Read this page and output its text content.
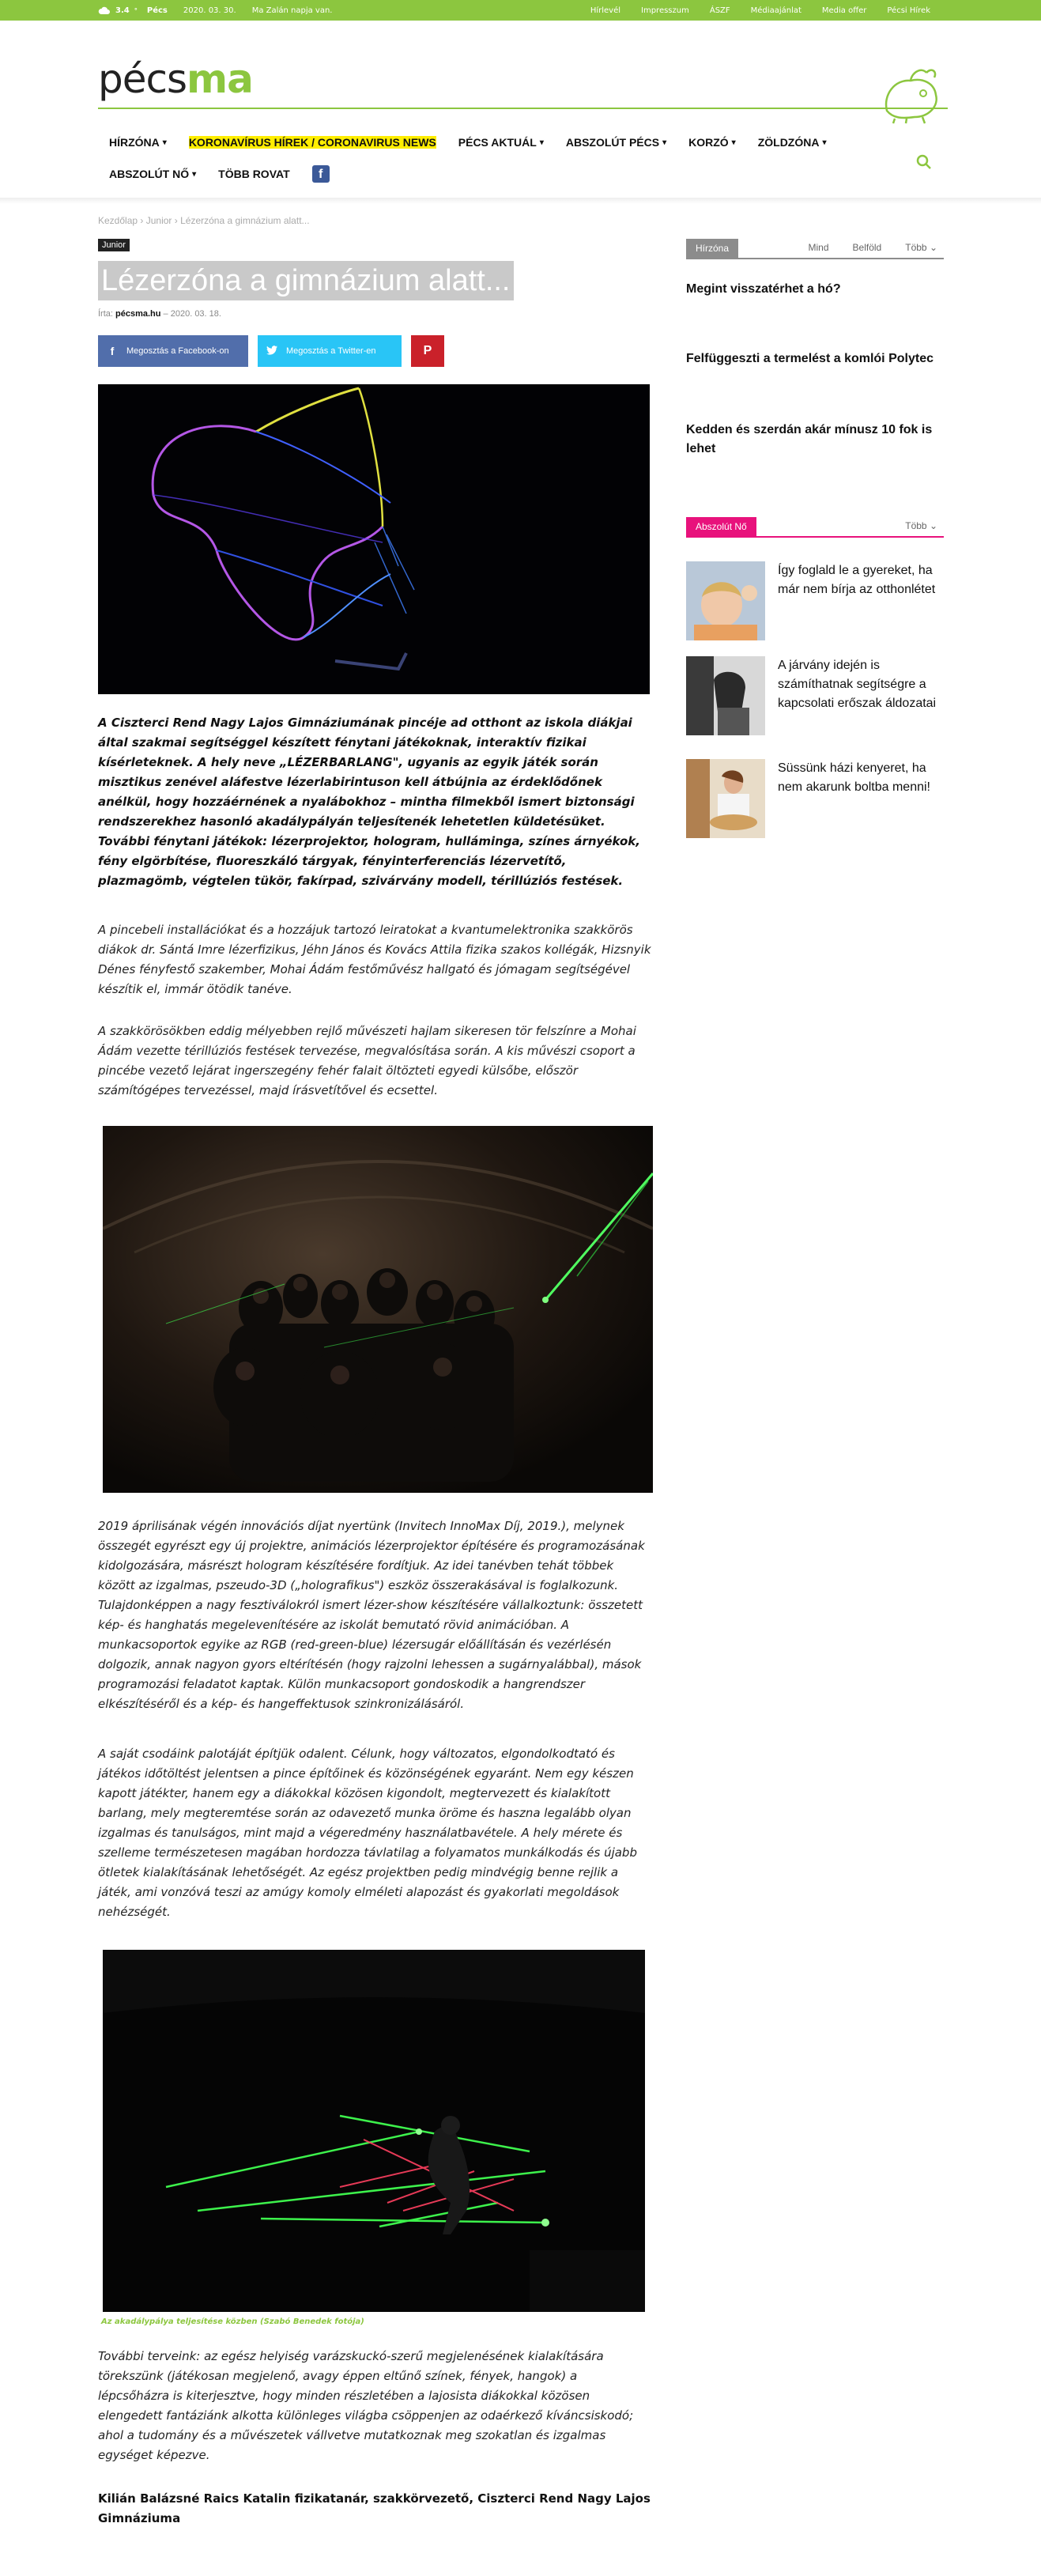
3.4 ° Pécs 2020. 03. 30. Ma Zalán napja van.	Hírlevél	Impresszum	ÁSZF	Médiaajánlat	Media offer	Pécsi Hírek
pécsma
HÍRZÓNA ▾ KORONAVÍRUS HÍREK / CORONAVIRUS NEWS PÉCS AKTUÁL ▾ ABSZOLÚT PÉCS ▾ KORZÓ ▾ ZÖLDZÓNA ▾
ABSZOLÚT NŐ ▾ TÖBB ROVAT	f
Kezdőlap › Junior › Lézerzóna a gimnázium alatt...
Junior
Lézerzóna a gimnázium alatt...
Írta: pécsma.hu – 2020. 03. 18.
f	Megosztás a Facebook-on	Megosztás a Twitter-en	P
A Ciszterci Rend Nagy Lajos Gimnáziumának pincéje ad otthont az iskola diákjai által szakmai segítséggel készített fénytani játékoknak, interaktív fizikai kísérleteknek. A hely neve „LÉZERBARLANG", ugyanis az egyik játék során misztikus zenével aláfestve lézerlabirintuson kell átbújnia az érdeklődőnek anélkül, hogy hozzáérnének a nyalábokhoz – mintha filmekből ismert biztonsági rendszerekhez hasonló akadálypályán teljesítenék lehetetlen küldetésüket. További fénytani játékok: lézerprojektor, hologram, hulláminga, színes árnyékok, fény elgörbítése, fluoreszkáló tárgyak, fényinterferenciás lézervetítő, plazmagömb, végtelen tükör, fakírpad, szivárvány modell, térillúziós festések.
A pincebeli installációkat és a hozzájuk tartozó leiratokat a kvantumelektronika szakkörös diákok dr. Sántá Imre lézerfizikus, Jéhn János és Kovács Attila fizika szakos kollégák, Hizsnyik Dénes fényfestő szakember, Mohai Ádám festőművész hallgató és jómagam segítségével készítik el, immár ötödik tanéve.
A szakkörösökben eddig mélyebben rejlő művészeti hajlam sikeresen tör felszínre a Mohai Ádám vezette térillúziós festések tervezése, megvalósítása során. A kis művészi csoport a pincébe vezető lejárat ingerszegény fehér falait öltözteti egyedi külsőbe, először számítógépes tervezéssel, majd írásvetítővel és ecsettel.
2019 áprilisának végén innovációs díjat nyertünk (Invitech InnoMax Díj, 2019.), melynek összegét egyrészt egy új projektre, animációs lézerprojektor építésére és programozásának kidolgozására, másrészt hologram készítésére fordítjuk. Az idei tanévben tehát többek között az izgalmas, pszeudo-3D („holografikus") eszköz összerakásával is foglalkozunk. Tulajdonképpen a nagy fesztiválokról ismert lézer-show készítésére vállalkoztunk: összetett kép- és hanghatás megelevenítésére az iskolát bemutató rövid animációban. A munkacsoportok egyike az RGB (red-green-blue) lézersugár előállításán és vezérlésén dolgozik, annak nagyon gyors eltérítésén (hogy rajzolni lehessen a sugárnyalábbal), mások programozási feladatot kaptak. Külön munkacsoport gondoskodik a hangrendszer elkészítéséről és a kép- és hangeffektusok szinkronizálásáról.
A saját csodáink palotáját építjük odalent. Célunk, hogy változatos, elgondolkodtató és játékos időtöltést jelentsen a pince építőinek és közönségének egyaránt. Nem egy készen kapott játékter, hanem egy a diákokkal közösen kigondolt, megtervezett és kialakított barlang, mely megteremtése során az odavezető munka öröme és haszna legalább olyan izgalmas és tanulságos, mint majd a végeredmény használatbavétele. A hely mérete és szelleme természetesen magában hordozza távlatilag a folyamatos munkálkodás és újabb ötletek kialakításának lehetőségét. Az egész projektben pedig mindvégig benne rejlik a játék, ami vonzóvá teszi az amúgy komoly elméleti alapozást és gyakorlati megoldások nehézségét.
Az akadálypálya teljesítése közben (Szabó Benedek fotója)
További terveink: az egész helyiség varázskuckó-szerű megjelenésének kialakítására törekszünk (játékosan megjelenő, avagy éppen eltűnő színek, fények, hangok) a lépcsőházra is kiterjesztve, hogy minden részletében a lajosista diákokkal közösen elengedett fantáziánk alkotta különleges világba csöppenjen az odaérkező kíváncsiskodó; ahol a tudomány és a művészetek vállvetve mutatkoznak meg szokatlan és izgalmas egységet képezve.
Kilián Balázsné Raics Katalin fizikatanár, szakkörvezető, Ciszterci Rend Nagy Lajos Gimnáziuma
Hírzóna	Mind	Belföld	Több ⌄
Megint visszatérhet a hó?
Felfüggeszti a termelést a komlói Polytec
Kedden és szerdán akár mínusz 10 fok is lehet
Abszolút Nő	Több ⌄
Így foglald le a gyereket, ha már nem bírja az otthonlétet
A járvány idején is számíthatnak segítségre a kapcsolati erőszak áldozatai
Süssünk házi kenyeret, ha nem akarunk boltba menni!
